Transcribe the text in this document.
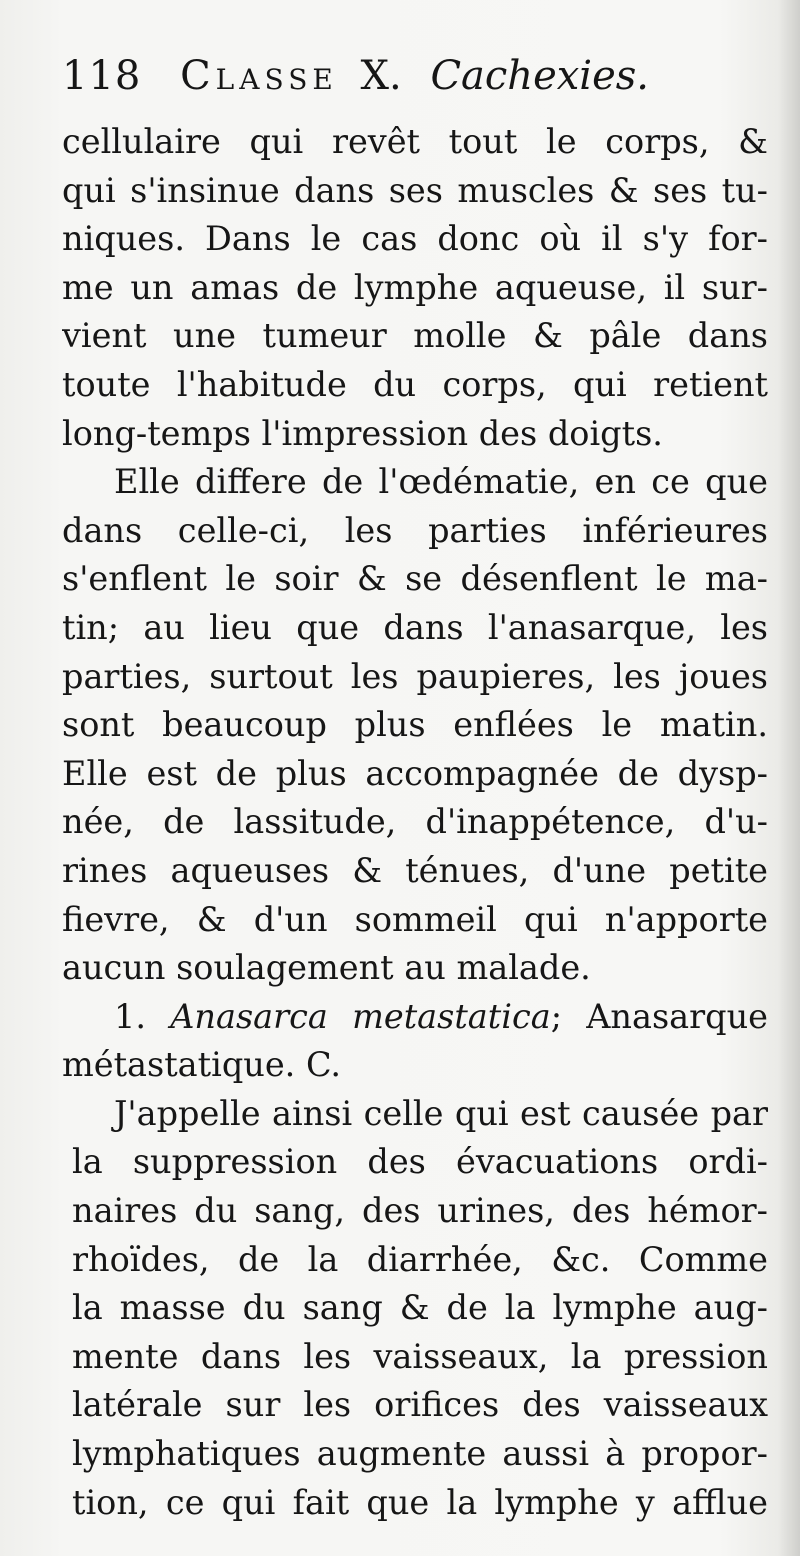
118 Classe X. Cachexies.
cellulaire qui revêt tout le corps, &
qui s'insinue dans ses muscles & ses tu-
niques. Dans le cas donc où il s'y for-
me un amas de lymphe aqueuse, il sur-
vient une tumeur molle & pâle dans
toute l'habitude du corps, qui retient
long-temps l'impression des doigts.
Elle differe de l'œdématie, en ce que
dans celle-ci, les parties inférieures
s'enflent le soir & se désenflent le ma-
tin; au lieu que dans l'anasarque, les
parties, surtout les paupieres, les joues
sont beaucoup plus enflées le matin.
Elle est de plus accompagnée de dysp-
née, de lassitude, d'inappétence, d'u-
rines aqueuses & ténues, d'une petite
fievre, & d'un sommeil qui n'apporte
aucun soulagement au malade.
1. Anasarca metastatica; Anasarque
métastatique. C.
J'appelle ainsi celle qui est causée par
la suppression des évacuations ordi-
naires du sang, des urines, des hémor-
rhoïdes, de la diarrhée, &c. Comme
la masse du sang & de la lymphe aug-
mente dans les vaisseaux, la pression
latérale sur les orifices des vaisseaux
lymphatiques augmente aussi à propor-
tion, ce qui fait que la lymphe y afflue
